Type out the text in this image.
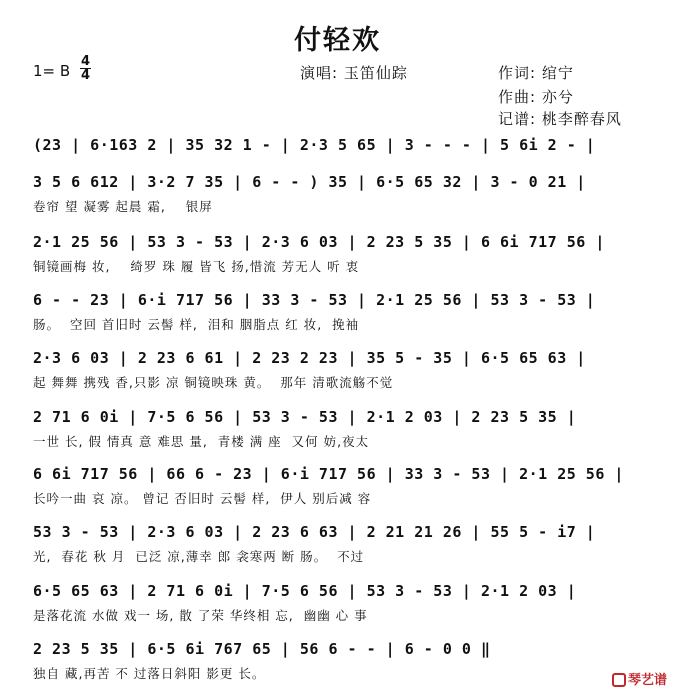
付轻欢
1= B $\frac{4}{4}$	演唱: 玉笛仙踪	作词: 绾宁
作曲: 亦兮
记谱: 桃李醉春风
(23 | 6·163 2 | 35 32 1 - | 2·3 5 65 | 3 - - - | 5 6i 2 - |
3 5 6 612 | 3·2 7 35 | 6 - - ) 35 | 6·5 65 32 | 3 - 0 21 |
卷帘 望 凝雾 起晨 霜,    银屏
2·1 25 56 | 53 3 - 53 | 2·3 6 03 | 2 23 5 35 | 6 6i 717 56 |
铜镜画梅 妆,    绮罗 珠 履 皆飞 扬,惜流 芳无人 听 衷
6 - - 23 | 6·i 717 56 | 33 3 - 53 | 2·1 25 56 | 53 3 - 53 |
肠。  空回 首旧时 云髻 样,  泪和 胭脂点 红 妆,  挽袖
2·3 6 03 | 2 23 6 61 | 2 23 2 23 | 35 5 - 35 | 6·5 65 63 |
起 舞舞 携残 香,只影 凉 铜镜映珠 黄。  那年 清歌流觞不觉
2 71 6 0i | 7·5 6 56 | 53 3 - 53 | 2·1 2 03 | 2 23 5 35 |
一世 长, 假 情真 意 难思 量,  青楼 满 座  又何 妨,夜太
6 6i 717 56 | 66 6 - 23 | 6·i 717 56 | 33 3 - 53 | 2·1 25 56 |
长吟一曲 哀 凉。 曾记 否旧时 云髻 样,  伊人 别后减 容
53 3 - 53 | 2·3 6 03 | 2 23 6 63 | 2 21 21 26 | 55 5 - i7 |
光,  春花 秋 月  已泛 凉,薄幸 郎 衾寒两 断 肠。  不过
6·5 65 63 | 2 71 6 0i | 7·5 6 56 | 53 3 - 53 | 2·1 2 03 |
是落花流 水做 戏一 场, 散 了荣 华终相 忘,  幽幽 心 事
2 23 5 35 | 6·5 6i 767 65 | 56 6 - - | 6 - 0 0 ‖
独自 藏,再苦 不 过落日斜阳 影更 长。	琴艺谱
